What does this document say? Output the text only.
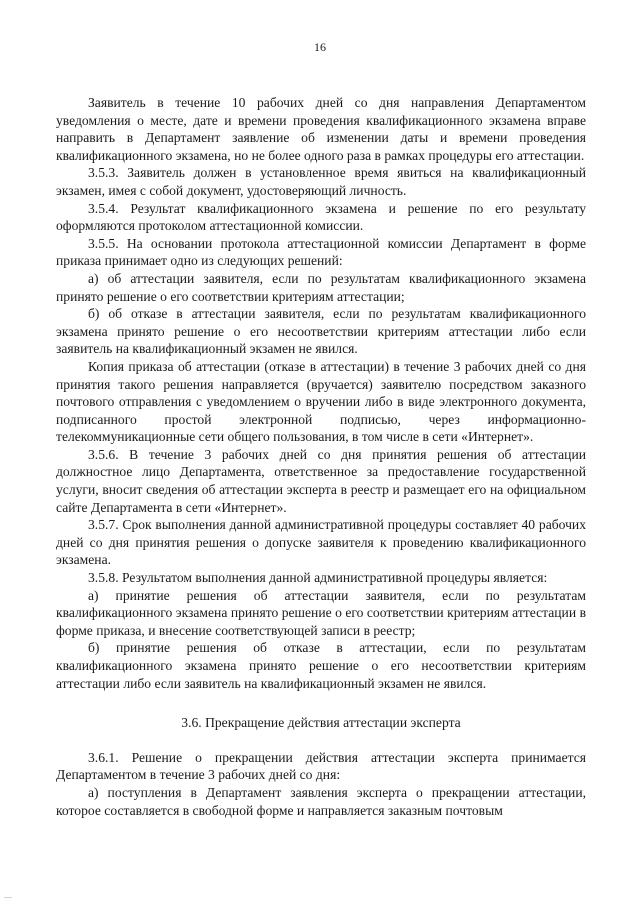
16

Заявитель в течение 10 рабочих дней со дня направления Департаментом уведомления о месте, дате и времени проведения квалификационного экзамена вправе направить в Департамент заявление об изменении даты и времени проведения квалификационного экзамена, но не более одного раза в рамках процедуры его аттестации.

3.5.3. Заявитель должен в установленное время явиться на квалификационный экзамен, имея с собой документ, удостоверяющий личность.

3.5.4. Результат квалификационного экзамена и решение по его результату оформляются протоколом аттестационной комиссии.

3.5.5. На основании протокола аттестационной комиссии Департамент в форме приказа принимает одно из следующих решений:

а) об аттестации заявителя, если по результатам квалификационного экзамена принято решение о его соответствии критериям аттестации;

б) об отказе в аттестации заявителя, если по результатам квалификационного экзамена принято решение о его несоответствии критериям аттестации либо если заявитель на квалификационный экзамен не явился.

Копия приказа об аттестации (отказе в аттестации) в течение 3 рабочих дней со дня принятия такого решения направляется (вручается) заявителю посредством заказного почтового отправления с уведомлением о вручении либо в виде электронного документа, подписанного простой электронной подписью, через информационно-телекоммуникационные сети общего пользования, в том числе в сети «Интернет».

3.5.6. В течение 3 рабочих дней со дня принятия решения об аттестации должностное лицо Департамента, ответственное за предоставление государственной услуги, вносит сведения об аттестации эксперта в реестр и размещает его на официальном сайте Департамента в сети «Интернет».

3.5.7. Срок выполнения данной административной процедуры составляет 40 рабочих дней со дня принятия решения о допуске заявителя к проведению квалификационного экзамена.

3.5.8. Результатом выполнения данной административной процедуры является:

а) принятие решения об аттестации заявителя, если по результатам квалификационного экзамена принято решение о его соответствии критериям аттестации в форме приказа, и внесение соответствующей записи в реестр;

б) принятие решения об отказе в аттестации, если по результатам квалификационного экзамена принято решение о его несоответствии критериям аттестации либо если заявитель на квалификационный экзамен не явился.

3.6. Прекращение действия аттестации эксперта

3.6.1. Решение о прекращении действия аттестации эксперта принимается Департаментом в течение 3 рабочих дней со дня:

а) поступления в Департамент заявления эксперта о прекращении аттестации, которое составляется в свободной форме и направляется заказным почтовым

—
